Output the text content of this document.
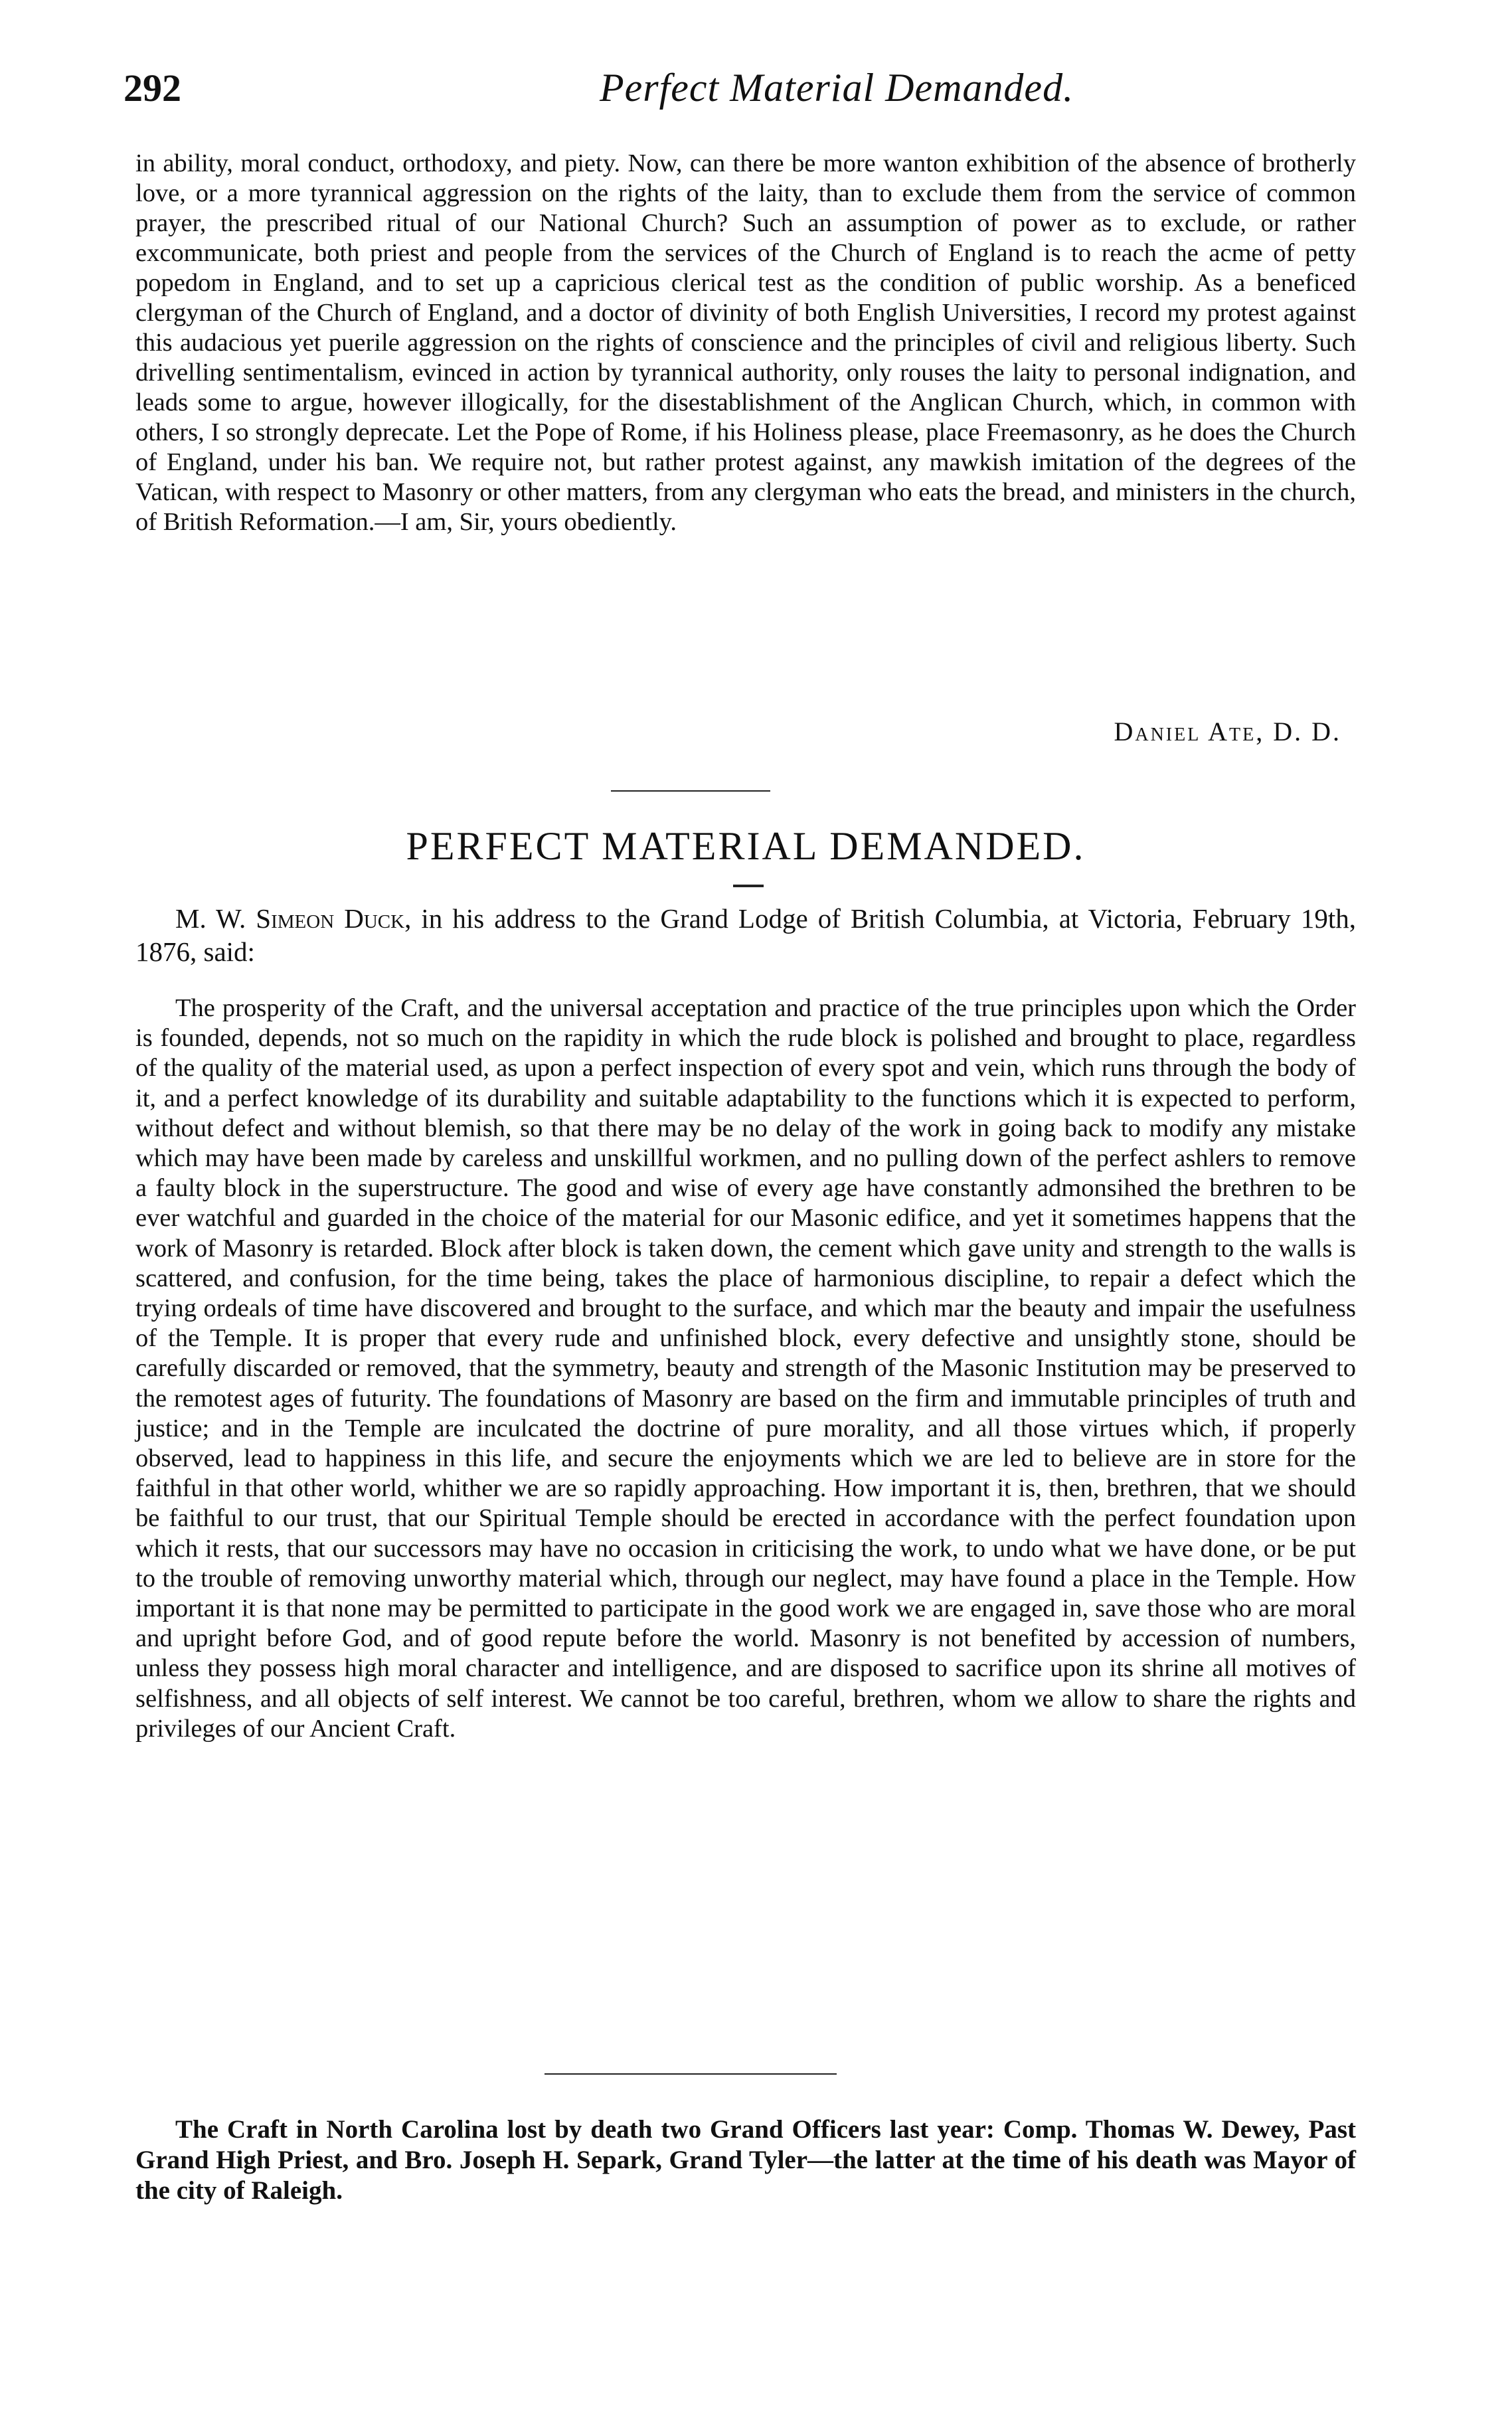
292	Perfect Material Demanded.

in ability, moral conduct, orthodoxy, and piety. Now, can there be more wanton exhibition of the absence of brotherly love, or a more tyrannical aggression on the rights of the laity, than to exclude them from the service of common prayer, the prescribed ritual of our National Church? Such an assumption of power as to exclude, or rather excommunicate, both priest and people from the services of the Church of England is to reach the acme of petty popedom in England, and to set up a capricious clerical test as the condition of public worship. As a beneficed clergyman of the Church of England, and a doctor of divinity of both English Universities, I record my protest against this audacious yet puerile aggression on the rights of conscience and the principles of civil and religious liberty. Such drivelling sentimentalism, evinced in action by tyrannical authority, only rouses the laity to personal indignation, and leads some to argue, however illogically, for the disestablishment of the Anglican Church, which, in common with others, I so strongly deprecate. Let the Pope of Rome, if his Holiness please, place Freemasonry, as he does the Church of England, under his ban. We require not, but rather protest against, any mawkish imitation of the degrees of the Vatican, with respect to Masonry or other matters, from any clergyman who eats the bread, and ministers in the church, of British Reformation.—I am, Sir, yours obediently.

Daniel Ate, D. D.
PERFECT MATERIAL DEMANDED.

M. W. Simeon Duck, in his address to the Grand Lodge of British Columbia, at Victoria, February 19th, 1876, said:

The prosperity of the Craft, and the universal acceptation and practice of the true principles upon which the Order is founded, depends, not so much on the rapidity in which the rude block is polished and brought to place, regardless of the quality of the material used, as upon a perfect inspection of every spot and vein, which runs through the body of it, and a perfect knowledge of its durability and suitable adaptability to the functions which it is expected to perform, without defect and without blemish, so that there may be no delay of the work in going back to modify any mistake which may have been made by careless and unskillful workmen, and no pulling down of the perfect ashlers to remove a faulty block in the superstructure. The good and wise of every age have constantly admonsihed the brethren to be ever watchful and guarded in the choice of the material for our Masonic edifice, and yet it sometimes happens that the work of Masonry is retarded. Block after block is taken down, the cement which gave unity and strength to the walls is scattered, and confusion, for the time being, takes the place of harmonious discipline, to repair a defect which the trying ordeals of time have discovered and brought to the surface, and which mar the beauty and impair the usefulness of the Temple. It is proper that every rude and unfinished block, every defective and unsightly stone, should be carefully discarded or removed, that the symmetry, beauty and strength of the Masonic Institution may be preserved to the remotest ages of futurity. The foundations of Masonry are based on the firm and immutable principles of truth and justice; and in the Temple are inculcated the doctrine of pure morality, and all those virtues which, if properly observed, lead to happiness in this life, and secure the enjoyments which we are led to believe are in store for the faithful in that other world, whither we are so rapidly approaching. How important it is, then, brethren, that we should be faithful to our trust, that our Spiritual Temple should be erected in accordance with the perfect foundation upon which it rests, that our successors may have no occasion in criticising the work, to undo what we have done, or be put to the trouble of removing unworthy material which, through our neglect, may have found a place in the Temple. How important it is that none may be permitted to participate in the good work we are engaged in, save those who are moral and upright before God, and of good repute before the world. Masonry is not benefited by accession of numbers, unless they possess high moral character and intelligence, and are disposed to sacrifice upon its shrine all motives of selfishness, and all objects of self interest. We cannot be too careful, brethren, whom we allow to share the rights and privileges of our Ancient Craft.

The Craft in North Carolina lost by death two Grand Officers last year: Comp. Thomas W. Dewey, Past Grand High Priest, and Bro. Joseph H. Separk, Grand Tyler—the latter at the time of his death was Mayor of the city of Raleigh.
